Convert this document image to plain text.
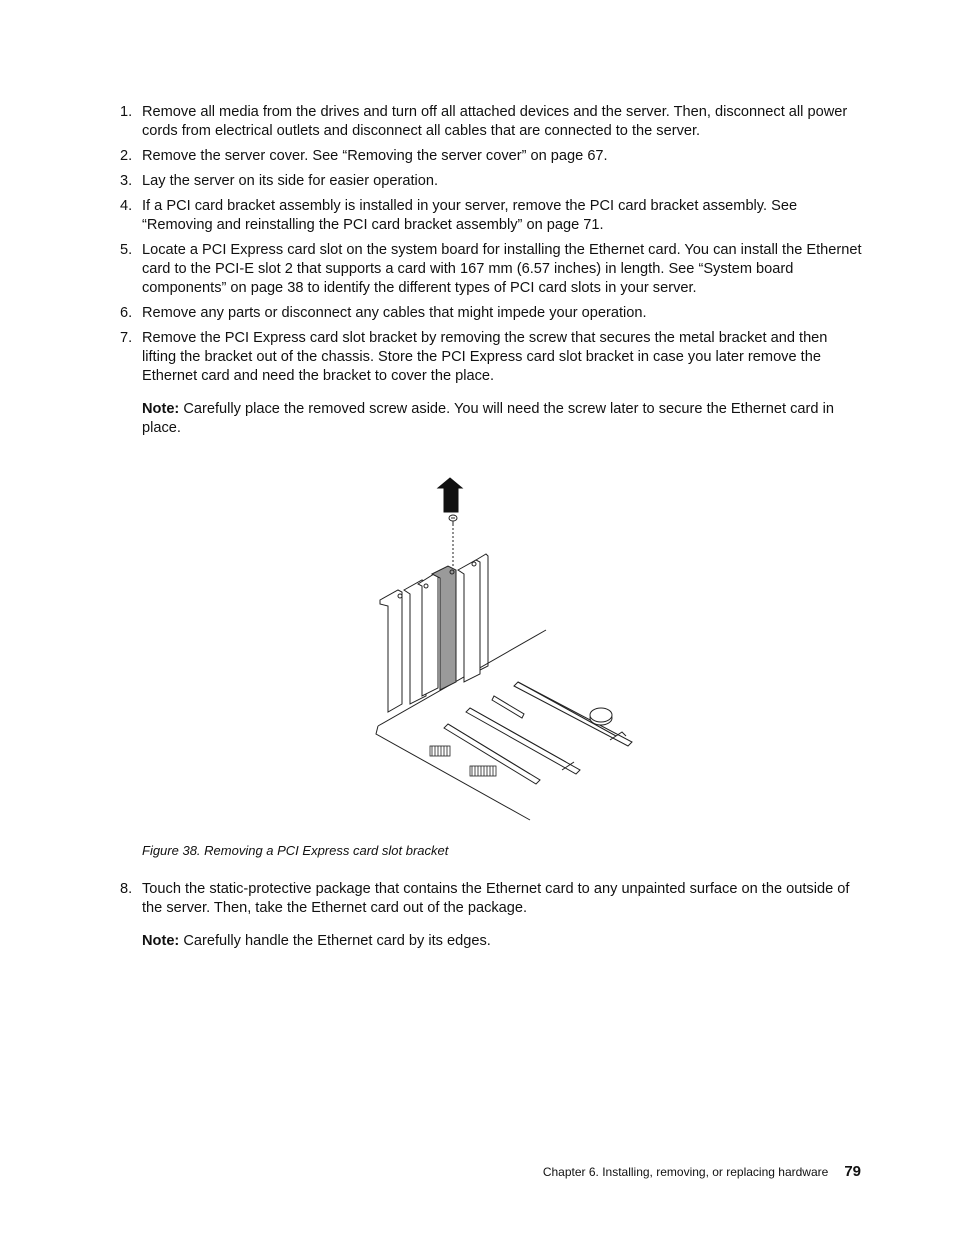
1. Remove all media from the drives and turn off all attached devices and the server. Then, disconnect all power cords from electrical outlets and disconnect all cables that are connected to the server.
2. Remove the server cover. See “Removing the server cover” on page 67.
3. Lay the server on its side for easier operation.
4. If a PCI card bracket assembly is installed in your server, remove the PCI card bracket assembly. See “Removing and reinstalling the PCI card bracket assembly” on page 71.
5. Locate a PCI Express card slot on the system board for installing the Ethernet card. You can install the Ethernet card to the PCI-E slot 2 that supports a card with 167 mm (6.57 inches) in length. See “System board components” on page 38 to identify the different types of PCI card slots in your server.
6. Remove any parts or disconnect any cables that might impede your operation.
7. Remove the PCI Express card slot bracket by removing the screw that secures the metal bracket and then lifting the bracket out of the chassis. Store the PCI Express card slot bracket in case you later remove the Ethernet card and need the bracket to cover the place.
Note: Carefully place the removed screw aside. You will need the screw later to secure the Ethernet card in place.
Figure 38. Removing a PCI Express card slot bracket
8. Touch the static-protective package that contains the Ethernet card to any unpainted surface on the outside of the server. Then, take the Ethernet card out of the package.
Note: Carefully handle the Ethernet card by its edges.
Chapter 6. Installing, removing, or replacing hardware 79
